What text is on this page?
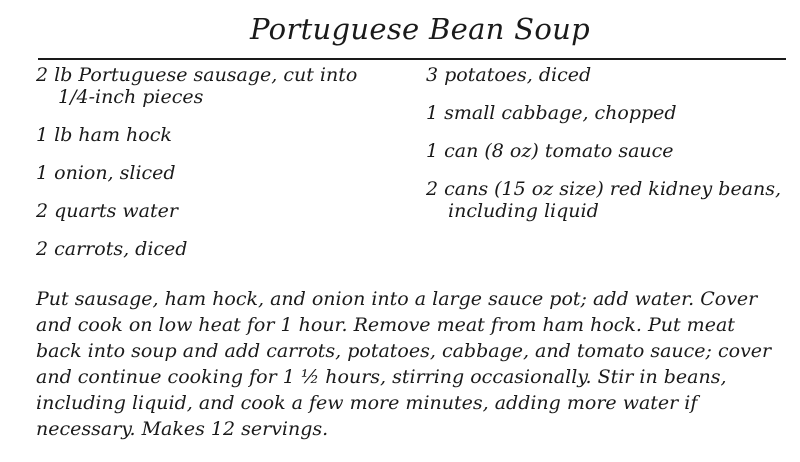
Portuguese Bean Soup
2 lb Portuguese sausage, cut into 1/4-inch pieces
1 lb ham hock
1 onion, sliced
2 quarts water
2 carrots, diced
3 potatoes, diced
1 small cabbage, chopped
1 can (8 oz) tomato sauce
2 cans (15 oz size) red kidney beans, including liquid

Put sausage, ham hock, and onion into a large sauce pot; add water. Cover and cook on low heat for 1 hour. Remove meat from ham hock. Put meat back into soup and add carrots, potatoes, cabbage, and tomato sauce; cover and continue cooking for 1 ½ hours, stirring occasionally. Stir in beans, including liquid, and cook a few more minutes, adding more water if necessary. Makes 12 servings.
